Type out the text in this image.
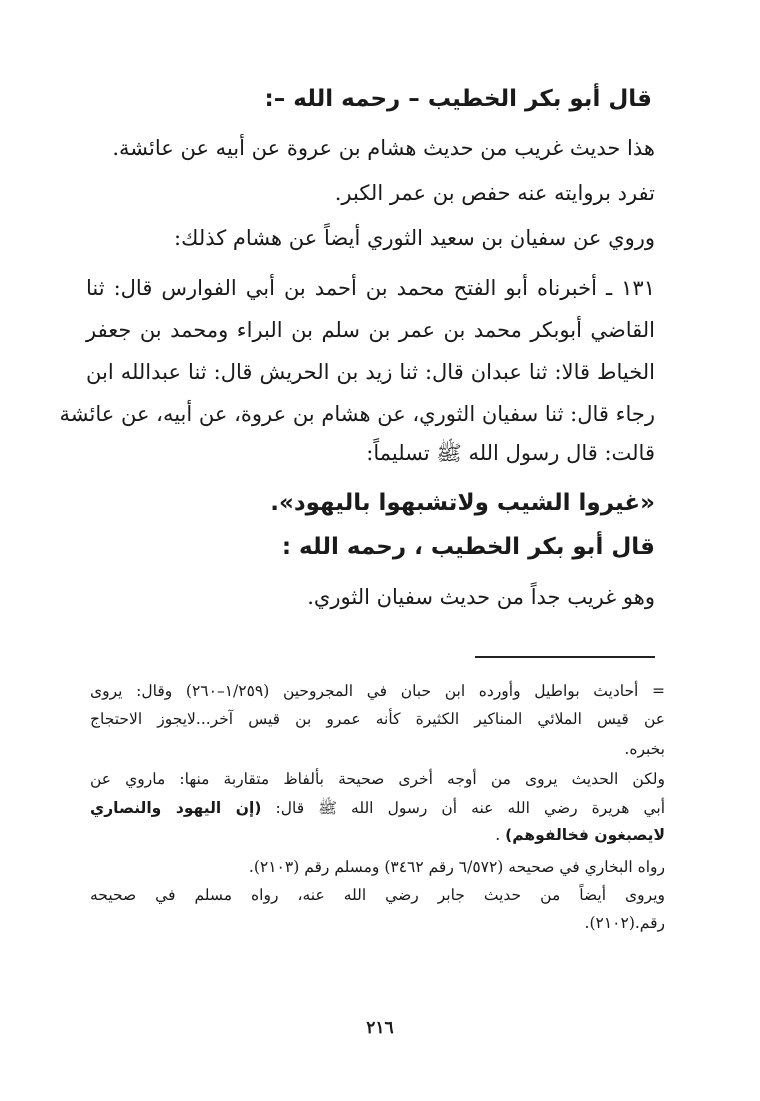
قال أبو بكر الخطيب – رحمه الله –:
هذا حديث غريب من حديث هشام بن عروة عن أبيه عن عائشة.
تفرد بروايته عنه حفص بن عمر الكبر.
وروي عن سفيان بن سعيد الثوري أيضاً عن هشام كذلك:
١٣١ ـ أخبرناه أبو الفتح محمد بن أحمد بن أبي الفوارس قال: ثنا
القاضي أبوبكر محمد بن عمر بن سلم بن البراء ومحمد بن جعفر
الخياط قالا: ثنا عبدان قال: ثنا زيد بن الحريش قال: ثنا عبدالله ابن
رجاء قال: ثنا سفيان الثوري، عن هشام بن عروة، عن أبيه، عن عائشة
قالت: قال رسول الله ﷺ تسليماً:
«غيروا الشيب ولاتشبهوا باليهود».
قال أبو بكر الخطيب ، رحمه الله :
وهو غريب جداً من حديث سفيان الثوري.
= أحاديث بواطيل وأورده ابن حبان في المجروحين (١/٢٥٩–٢٦٠) وقال: يروى
عن قيس الملائي المناكير الكثيرة كأنه عمرو بن قيس آخر...لايجوز الاحتجاج
بخبره.
ولكن الحديث يروى من أوجه أخرى صحيحة بألفاظ متقاربة منها: ماروي عن
أبي هريرة رضي الله عنه أن رسول الله ﷺ قال: (إن اليهود والنصاري
لايصبغون فخالفوهم) .
رواه البخاري في صحيحه (٦/٥٧٢ رقم ٣٤٦٢) ومسلم رقم (٢١٠٣).
ويروى أيضاً من حديث جابر رضي الله عنه، رواه مسلم في صحيحه
رقم.(٢١٠٢).
٢١٦
